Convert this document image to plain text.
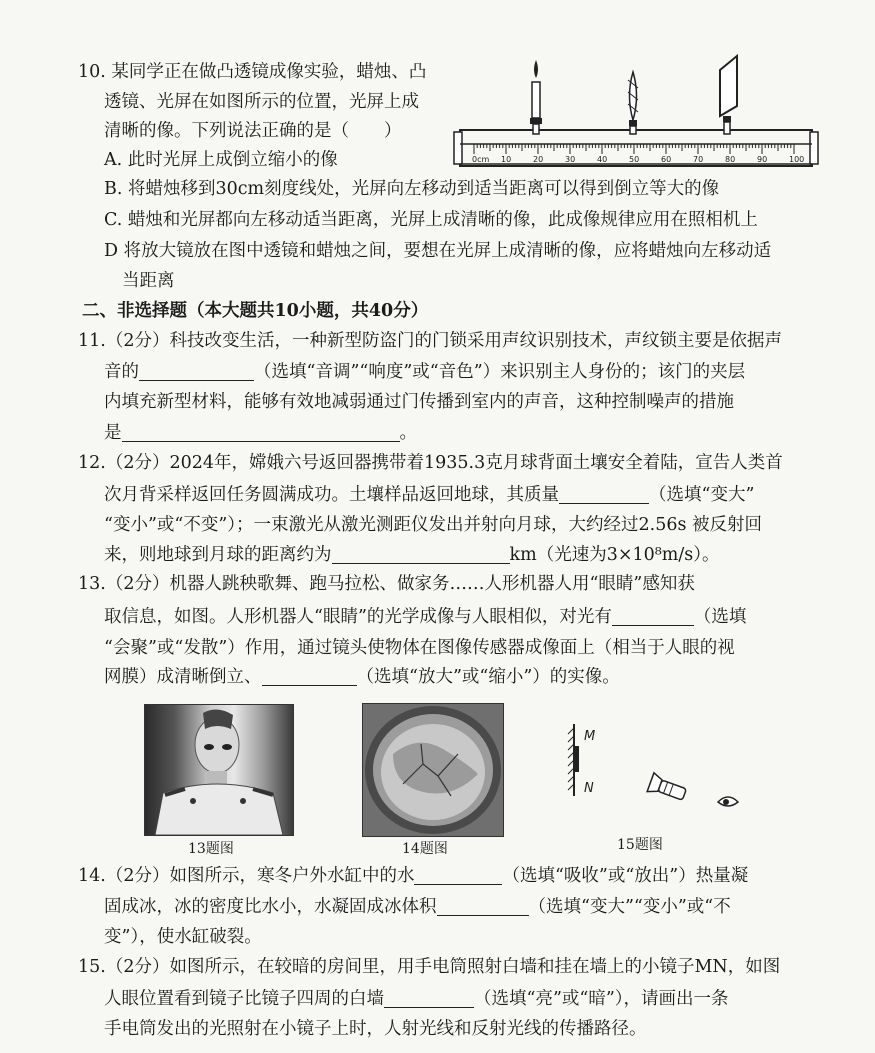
10. 某同学正在做凸透镜成像实验，蜡烛、凸
透镜、光屏在如图所示的位置，光屏上成
清晰的像。下列说法正确的是（　　）
A. 此时光屏上成倒立缩小的像
B. 将蜡烛移到30cm刻度线处，光屏向左移动到适当距离可以得到倒立等大的像
C. 蜡烛和光屏都向左移动适当距离，光屏上成清晰的像，此成像规律应用在照相机上
D 将放大镜放在图中透镜和蜡烛之间，要想在光屏上成清晰的像，应将蜡烛向左移动适
当距离
0cm 10	20	30	40	50	60	70	80	90	100
二、非选择题（本大题共10小题，共40分）
11.（2分）科技改变生活，一种新型防盗门的门锁采用声纹识别技术，声纹锁主要是依据声
音的	（选填“音调”“响度”或“音色”）来识别主人身份的；该门的夹层
内填充新型材料，能够有效地减弱通过门传播到室内的声音，这种控制噪声的措施
是	。
12.（2分）2024年，嫦娥六号返回器携带着1935.3克月球背面土壤安全着陆，宣告人类首
次月背采样返回任务圆满成功。土壤样品返回地球，其质量	（选填“变大”
“变小”或“不变”）；一束激光从激光测距仪发出并射向月球，大约经过2.56s 被反射回
来，则地球到月球的距离约为	km（光速为3×10⁸m/s）。
13.（2分）机器人跳秧歌舞、跑马拉松、做家务……人形机器人用“眼睛”感知获
取信息，如图。人形机器人“眼睛”的光学成像与人眼相似，对光有	（选填
“会聚”或“发散”）作用，通过镜头使物体在图像传感器成像面上（相当于人眼的视
网膜）成清晰倒立、	（选填“放大”或“缩小”）的实像。
13题图	14题图
M
N
15题图
14.（2分）如图所示，寒冬户外水缸中的水	（选填“吸收”或“放出”）热量凝
固成冰，冰的密度比水小，水凝固成冰体积	（选填“变大”“变小”或“不
变”），使水缸破裂。
15.（2分）如图所示，在较暗的房间里，用手电筒照射白墙和挂在墙上的小镜子MN，如图
人眼位置看到镜子比镜子四周的白墙	（选填“亮”或“暗”），请画出一条
手电筒发出的光照射在小镜子上时，人射光线和反射光线的传播路径。
